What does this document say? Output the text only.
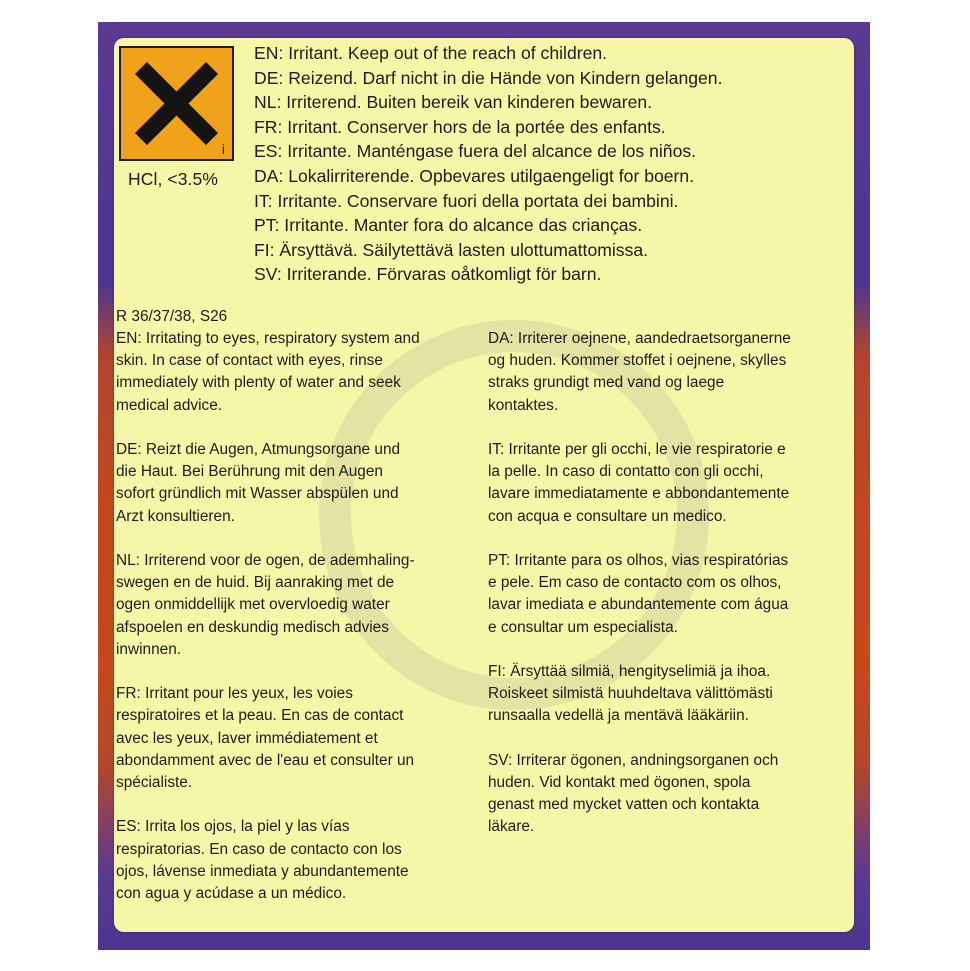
i
HCl, <3.5%
EN: Irritant. Keep out of the reach of children.
DE: Reizend. Darf nicht in die Hände von Kindern gelangen.
NL: Irriterend. Buiten bereik van kinderen bewaren.
FR: Irritant. Conserver hors de la portée des enfants.
ES: Irritante. Manténgase fuera del alcance de los niños.
DA: Lokalirriterende. Opbevares utilgaengeligt for boern.
IT: Irritante. Conservare fuori della portata dei bambini.
PT: Irritante. Manter fora do alcance das crianças.
FI: Ärsyttävä. Säilytettävä lasten ulottumattomissa.
SV: Irriterande. Förvaras oåtkomligt för barn.
R 36/37/38, S26

EN: Irritating to eyes, respiratory system and
skin. In case of contact with eyes, rinse
immediately with plenty of water and seek
medical advice.

DE: Reizt die Augen, Atmungsorgane und
die Haut. Bei Berührung mit den Augen
sofort gründlich mit Wasser abspülen und
Arzt konsultieren.

NL: Irriterend voor de ogen, de ademhaling-
swegen en de huid. Bij aanraking met de
ogen onmiddellijk met overvloedig water
afspoelen en deskundig medisch advies
inwinnen.

FR: Irritant pour les yeux, les voies
respiratoires et la peau. En cas de contact
avec les yeux, laver immédiatement et
abondamment avec de l'eau et consulter un
spécialiste.

ES: Irrita los ojos, la piel y las vías
respiratorias. En caso de contacto con los
ojos, lávense inmediata y abundantemente
con agua y acúdase a un médico.

DA: Irriterer oejnene, aandedraetsorganerne
og huden. Kommer stoffet i oejnene, skylles
straks grundigt med vand og laege
kontaktes.

IT: Irritante per gli occhi, le vie respiratorie e
la pelle. In caso di contatto con gli occhi,
lavare immediatamente e abbondantemente
con acqua e consultare un medico.

PT: Irritante para os olhos, vias respiratórias
e pele. Em caso de contacto com os olhos,
lavar imediata e abundantemente com água
e consultar um especialista.

FI: Ärsyttää silmiä, hengityselimiä ja ihoa.
Roiskeet silmistä huuhdeltava välittömästi
runsaalla vedellä ja mentävä lääkäriin.

SV: Irriterar ögonen, andningsorganen och
huden. Vid kontakt med ögonen, spola
genast med mycket vatten och kontakta
läkare.
